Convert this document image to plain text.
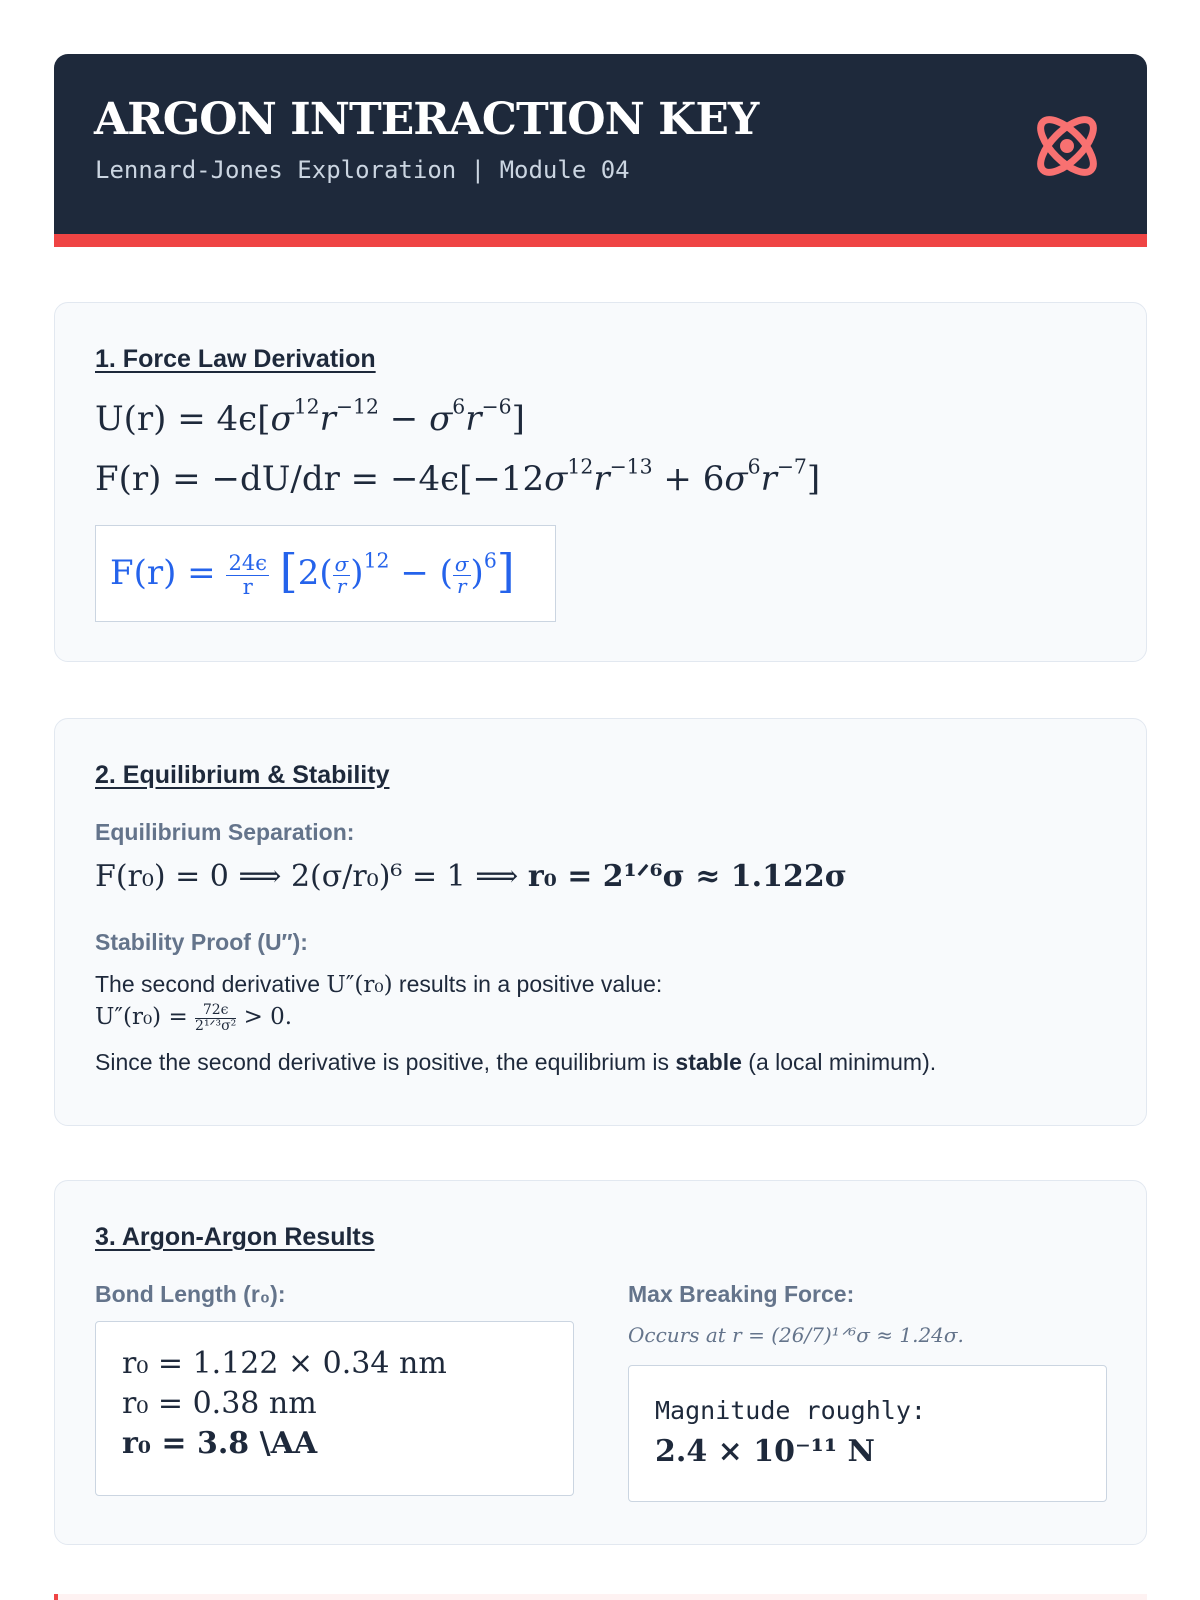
ARGON INTERACTION KEY
Lennard-Jones Exploration | Module 04
1. Force Law Derivation
$U(r) = 4\epsilon[\sigma^{12}r^{-12} - \sigma^6r^{-6}]$
$F(r) = -dU/dr = -4\epsilon[-12\sigma^{12}r^{-13} + 6\sigma^6r^{-7}]$
$F(r) = \frac{24\epsilon}{r} [2( \frac{\sigma}{r} )^{12}$ − ( $\frac{\sigma}{r} )^6$]
2. Equilibrium & Stability
Equilibrium Separation:
F(r₀) = 0 ⟹ 2(σ/r₀)⁶ = 1 ⟹ r₀ = 2¹ᐟ⁶σ ≈ 1.122σ
Stability Proof (U″):
The second derivative U″(r₀) results in a positive value:
$U''(r_0) = \frac{72\epsilon}{\text{2¹ᐟ³σ²}} > 0$.
Since the second derivative is positive, the equilibrium is stable (a local minimum).
3. Argon-Argon Results
Bond Length (r₀):
r₀ = 1.122 × 0.34 nm
r₀ = 0.38 nm
r₀ = 3.8 \AA
Max Breaking Force:
Occurs at r = (26/7)¹ᐟ⁶σ ≈ 1.24σ.
Magnitude roughly:
2.4 × 10⁻¹¹ N
